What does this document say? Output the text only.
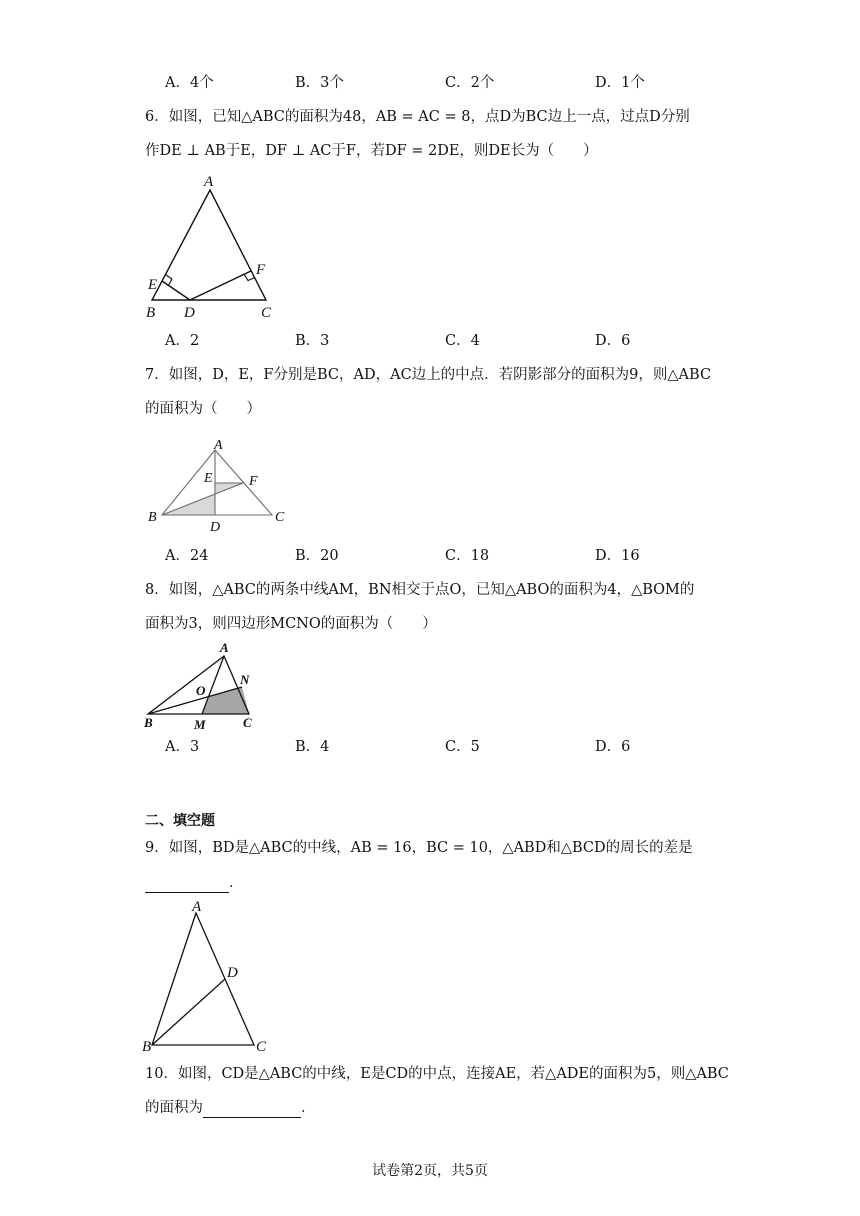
A．4个	B．3个	C．2个	D．1个
6．如图，已知△ABC的面积为48，AB = AC = 8，点D为BC边上一点，过点D分别
作DE ⊥ AB于E，DF ⊥ AC于F，若DF = 2DE，则DE长为（　　）
A
E
F
B D	C
A．2	B．3	C．4	D．6
7．如图，D，E，F分别是BC，AD，AC边上的中点．若阴影部分的面积为9，则△ABC
的面积为（　　）
A
E	F
B
D
C
A．24	B．20	C．18	D．16
8．如图，△ABC的两条中线AM，BN相交于点O，已知△ABO的面积为4，△BOM的
面积为3，则四边形MCNO的面积为（　　）
A
O
N
B	M	C
A．3	B．4	C．5	D．6
二、填空题
9．如图，BD是△ABC的中线，AB = 16，BC = 10，△ABD和△BCD的周长的差是
．
A
D
B	C
10．如图，CD是△ABC的中线，E是CD的中点，连接AE，若△ADE的面积为5，则△ABC
的面积为	．
试卷第2页，共5页
